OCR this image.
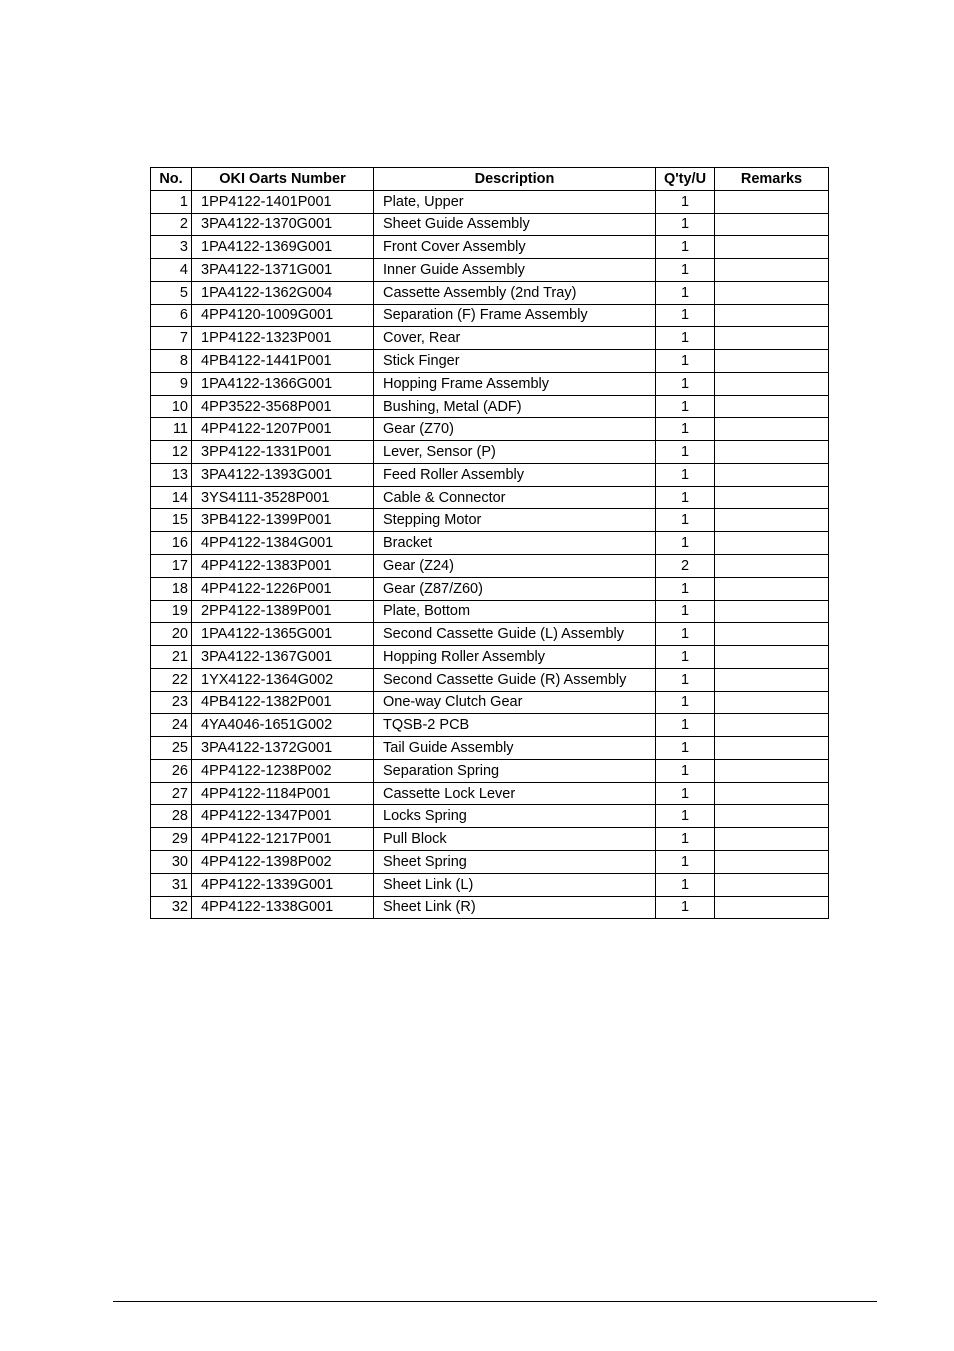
No.	OKI Oarts Number	Description	Q'ty/U	Remarks
1	1PP4122-1401P001	Plate, Upper	1	
2	3PA4122-1370G001	Sheet Guide Assembly	1	
3	1PA4122-1369G001	Front Cover Assembly	1	
4	3PA4122-1371G001	Inner Guide Assembly	1	
5	1PA4122-1362G004	Cassette Assembly (2nd Tray)	1	
6	4PP4120-1009G001	Separation (F) Frame Assembly	1	
7	1PP4122-1323P001	Cover, Rear	1	
8	4PB4122-1441P001	Stick Finger	1	
9	1PA4122-1366G001	Hopping Frame Assembly	1	
10	4PP3522-3568P001	Bushing, Metal (ADF)	1	
11	4PP4122-1207P001	Gear (Z70)	1	
12	3PP4122-1331P001	Lever, Sensor (P)	1	
13	3PA4122-1393G001	Feed Roller Assembly	1	
14	3YS4111-3528P001	Cable & Connector	1	
15	3PB4122-1399P001	Stepping Motor	1	
16	4PP4122-1384G001	Bracket	1	
17	4PP4122-1383P001	Gear (Z24)	2	
18	4PP4122-1226P001	Gear (Z87/Z60)	1	
19	2PP4122-1389P001	Plate, Bottom	1	
20	1PA4122-1365G001	Second Cassette Guide (L) Assembly	1	
21	3PA4122-1367G001	Hopping Roller Assembly	1	
22	1YX4122-1364G002	Second Cassette Guide (R) Assembly	1	
23	4PB4122-1382P001	One-way Clutch Gear	1	
24	4YA4046-1651G002	TQSB-2 PCB	1	
25	3PA4122-1372G001	Tail Guide Assembly	1	
26	4PP4122-1238P002	Separation Spring	1	
27	4PP4122-1184P001	Cassette Lock Lever	1	
28	4PP4122-1347P001	Locks Spring	1	
29	4PP4122-1217P001	Pull Block	1	
30	4PP4122-1398P002	Sheet Spring	1	
31	4PP4122-1339G001	Sheet Link (L)	1	
32	4PP4122-1338G001	Sheet Link (R)	1	
